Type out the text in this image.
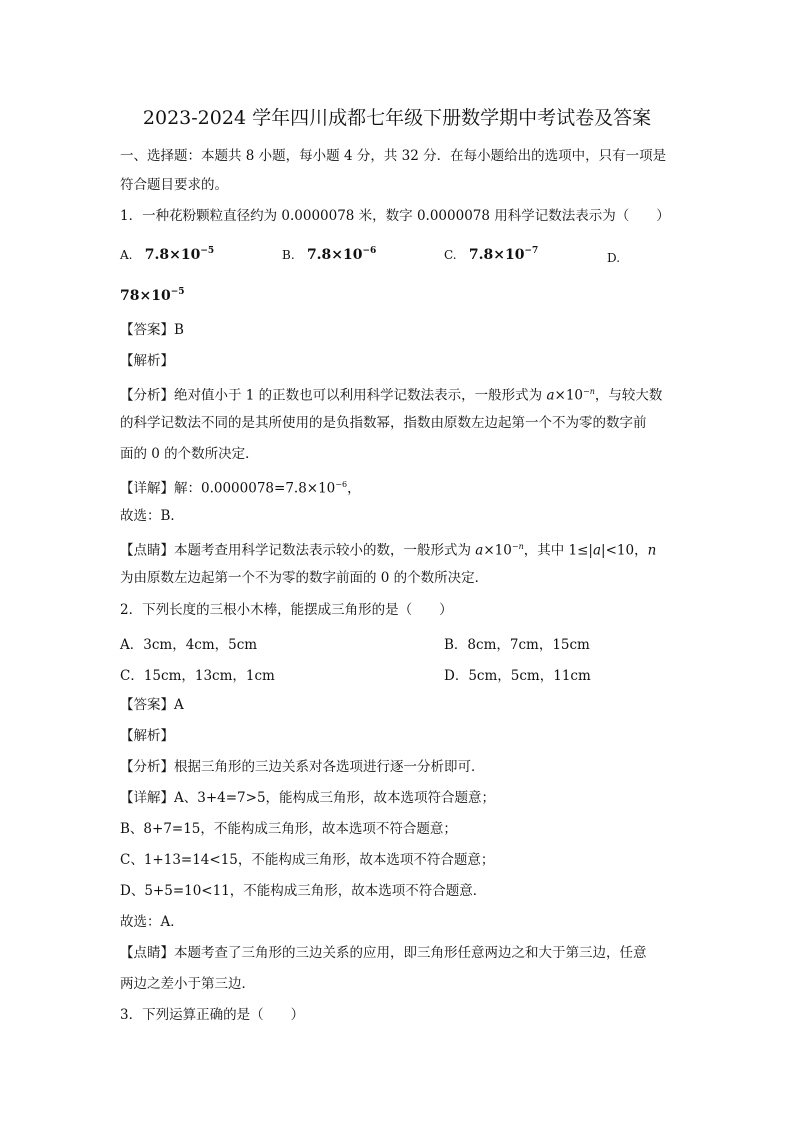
2023-2024 学年四川成都七年级下册数学期中考试卷及答案
一、选择题：本题共 8 小题，每小题 4 分，共 32 分．在每小题给出的选项中，只有一项是
符合题目要求的。
1．一种花粉颗粒直径约为 0.0000078 米，数字 0.0000078 用科学记数法表示为（　　）
A. $7.8\times 10^{-5}$	B. $7.8\times 10^{-6}$	C. $7.8\times 10^{-7}$	D.
$78\times 10^{-5}$
【答案】B
【解析】
【分析】绝对值小于 1 的正数也可以利用科学记数法表示，一般形式为 $a\times 10^{-n}$，与较大数
的科学记数法不同的是其所使用的是负指数幂，指数由原数左边起第一个不为零的数字前
面的 0 的个数所决定．
【详解】解：$0.0000078=7.8\times 10^{-6}$，
故选：B．
【点睛】本题考查用科学记数法表示较小的数，一般形式为 $a\times 10^{-n}$，其中 1≤|a|<10，n
为由原数左边起第一个不为零的数字前面的 0 的个数所决定．
2．下列长度的三根小木棒，能摆成三角形的是（　　）
A．3cm，4cm，5cm	B．8cm，7cm，15cm
C．15cm，13cm，1cm	D．5cm，5cm，11cm
【答案】A
【解析】
【分析】根据三角形的三边关系对各选项进行逐一分析即可．
【详解】A、3+4=7>5，能构成三角形，故本选项符合题意；
B、8+7=15，不能构成三角形，故本选项不符合题意；
C、1+13=14<15，不能构成三角形，故本选项不符合题意；
D、5+5=10<11，不能构成三角形，故本选项不符合题意．
故选：A．
【点睛】本题考查了三角形的三边关系的应用，即三角形任意两边之和大于第三边，任意
两边之差小于第三边．
3．下列运算正确的是（　　）
